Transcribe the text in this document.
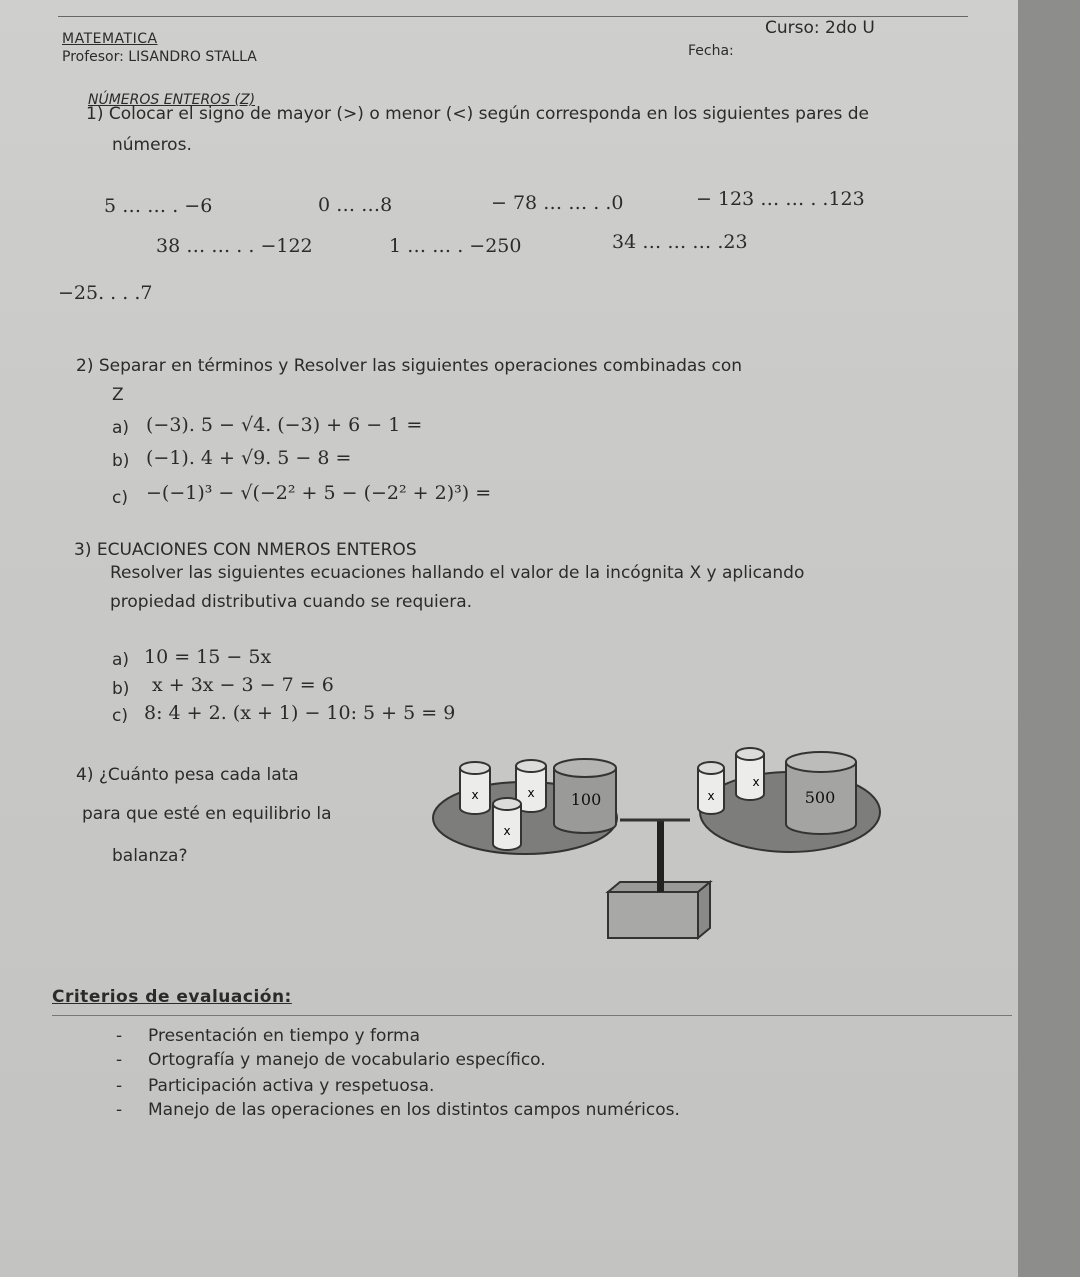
MATEMATICA
Profesor: LISANDRO STALLA
Curso: 2do U
Fecha:
NÚMEROS ENTEROS (Z)
1) Colocar el signo de mayor (>) o menor (<) según corresponda en los siguientes pares de
números.
5 … … . −6	0 … …8	− 78 … … . .0	− 123 … … . .123
38 … … . . −122	1 … … . −250	34 … … … .23
−25. . . .7
2) Separar en términos y Resolver las siguientes operaciones combinadas con
Z
a) (−3). 5 − √4. (−3) + 6 − 1 =
b) (−1). 4 + √9. 5 − 8 =
c) −(−1)³ − √(−2² + 5 − (−2² + 2)³) =
3) ECUACIONES CON NMEROS ENTEROS
Resolver las siguientes ecuaciones hallando el valor de la incógnita X y aplicando
propiedad distributiva cuando se requiera.
a) 10 = 15 − 5x
b) x + 3x − 3 − 7 = 6
c) 8: 4 + 2. (x + 1) − 10: 5 + 5 = 9
4) ¿Cuánto pesa cada lata
para que esté en equilibrio la
balanza?
x	x
x
100	x
x
500
Criterios de evaluación:
- Presentación en tiempo y forma
- Ortografía y manejo de vocabulario específico.
- Participación activa y respetuosa.
- Manejo de las operaciones en los distintos campos numéricos.
